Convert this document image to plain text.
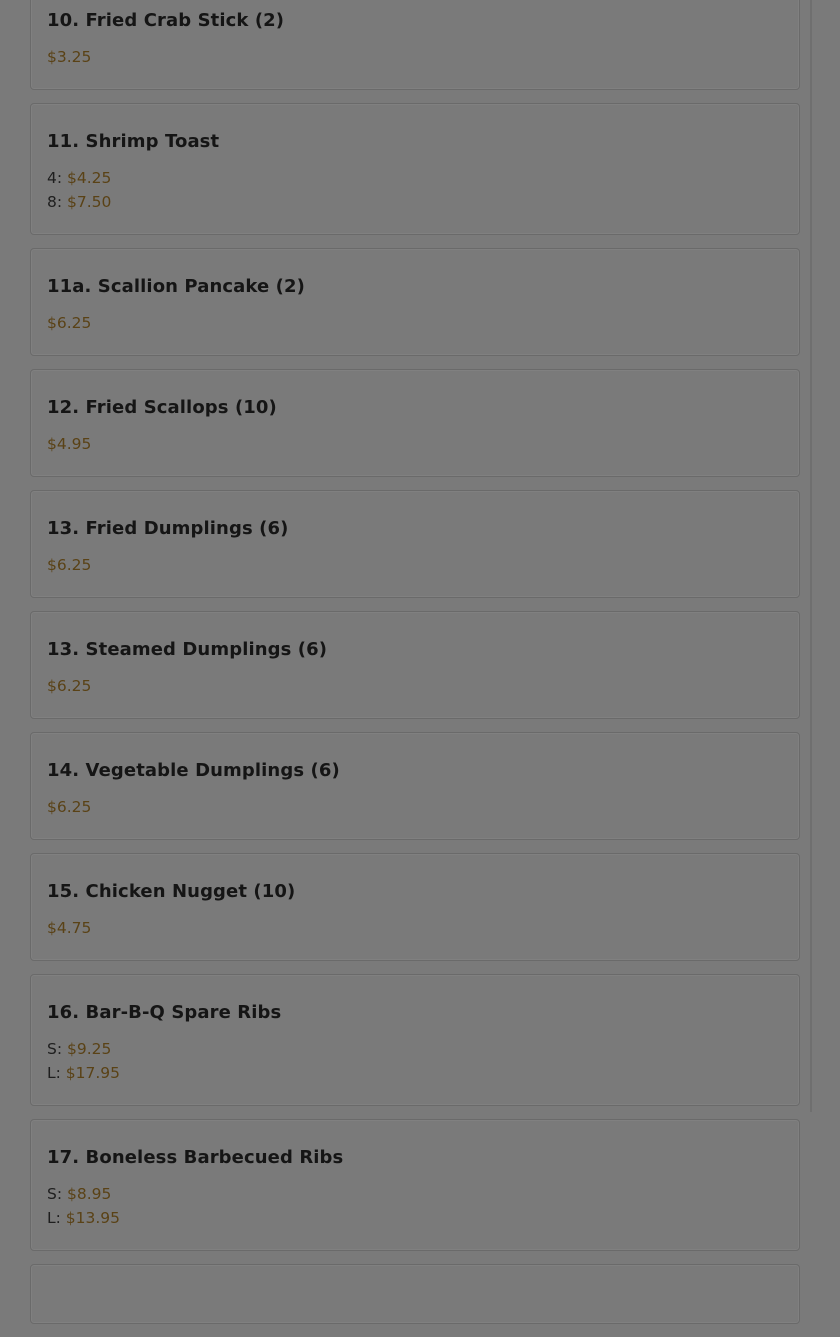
10. Fried Crab Stick (2)
$3.25
11. Shrimp Toast
4: $4.25
8: $7.50
11a. Scallion Pancake (2)
$6.25
12. Fried Scallops (10)
$4.95
13. Fried Dumplings (6)
$6.25
13. Steamed Dumplings (6)
$6.25
14. Vegetable Dumplings (6)
$6.25
15. Chicken Nugget (10)
$4.75
16. Bar-B-Q Spare Ribs
S: $9.25
L: $17.95
17. Boneless Barbecued Ribs
S: $8.95
L: $13.95
